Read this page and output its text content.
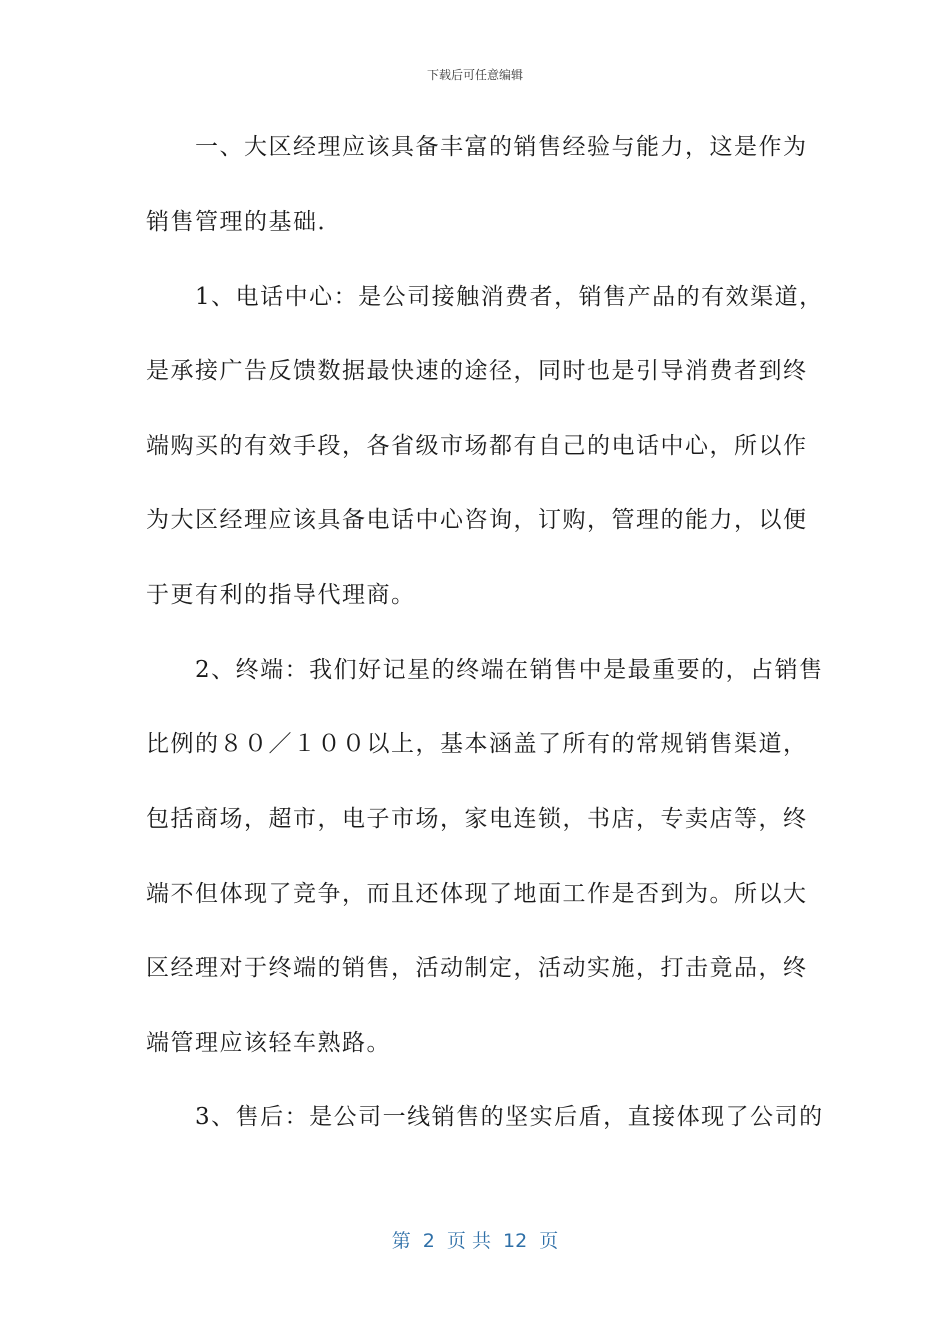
下载后可任意编辑
　　一、大区经理应该具备丰富的销售经验与能力，这是作为
销售管理的基础．
　　1、电话中心：是公司接触消费者，销售产品的有效渠道，
是承接广告反馈数据最快速的途径，同时也是引导消费者到终
端购买的有效手段，各省级市场都有自己的电话中心，所以作
为大区经理应该具备电话中心咨询，订购，管理的能力，以便
于更有利的指导代理商。
　　2、终端：我们好记星的终端在销售中是最重要的，占销售
比例的８０／１００以上，基本涵盖了所有的常规销售渠道，
包括商场，超市，电子市场，家电连锁，书店，专卖店等，终
端不但体现了竞争，而且还体现了地面工作是否到为。所以大
区经理对于终端的销售，活动制定，活动实施，打击竟品，终
端管理应该轻车熟路。
　　3、售后：是公司一线销售的坚实后盾，直接体现了公司的
第  2  页 共  12  页
